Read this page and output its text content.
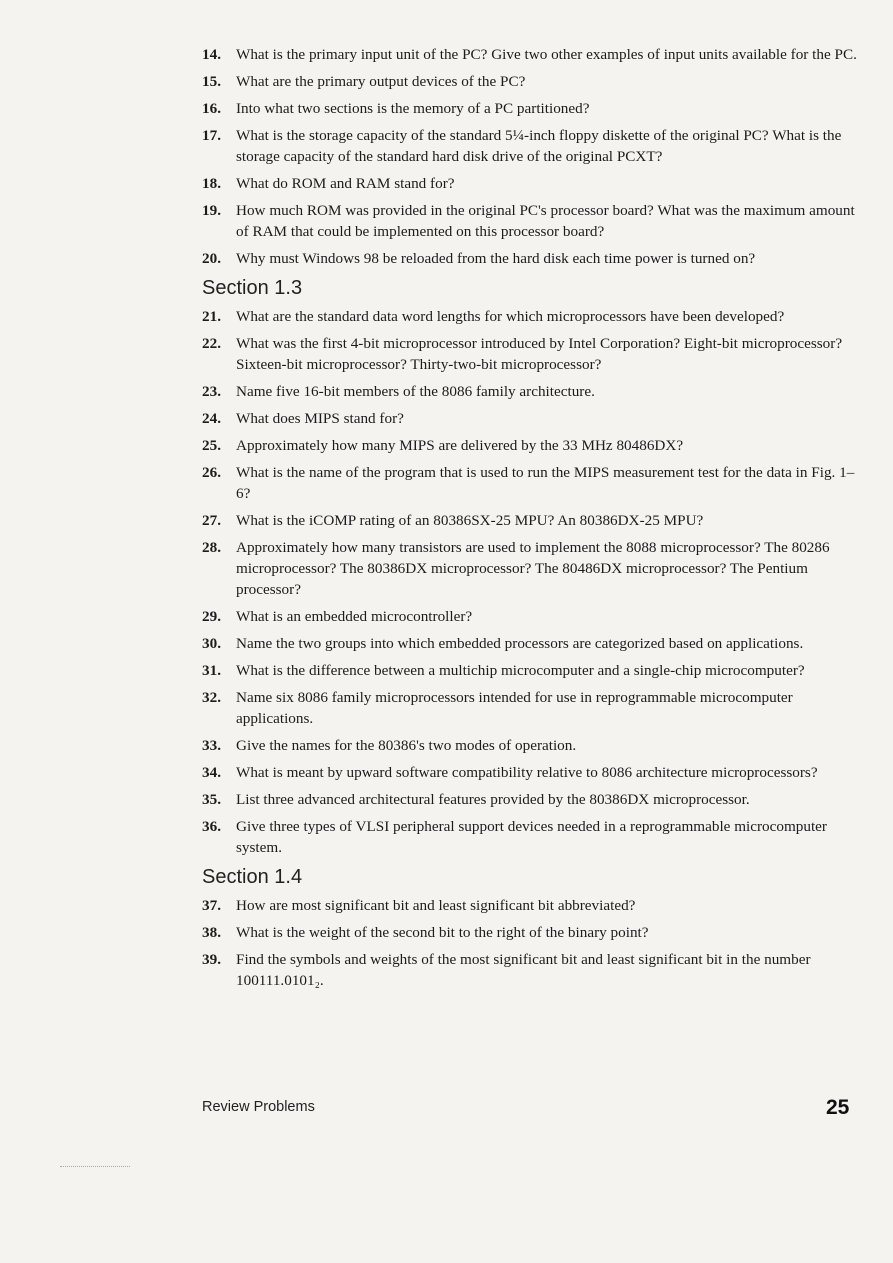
14. What is the primary input unit of the PC? Give two other examples of input units available for the PC.
15. What are the primary output devices of the PC?
16. Into what two sections is the memory of a PC partitioned?
17. What is the storage capacity of the standard 5¼-inch floppy diskette of the original PC? What is the storage capacity of the standard hard disk drive of the original PCXT?
18. What do ROM and RAM stand for?
19. How much ROM was provided in the original PC's processor board? What was the maximum amount of RAM that could be implemented on this processor board?
20. Why must Windows 98 be reloaded from the hard disk each time power is turned on?
Section 1.3
21. What are the standard data word lengths for which microprocessors have been developed?
22. What was the first 4-bit microprocessor introduced by Intel Corporation? Eight-bit microprocessor? Sixteen-bit microprocessor? Thirty-two-bit microprocessor?
23. Name five 16-bit members of the 8086 family architecture.
24. What does MIPS stand for?
25. Approximately how many MIPS are delivered by the 33 MHz 80486DX?
26. What is the name of the program that is used to run the MIPS measurement test for the data in Fig. 1–6?
27. What is the iCOMP rating of an 80386SX-25 MPU? An 80386DX-25 MPU?
28. Approximately how many transistors are used to implement the 8088 microprocessor? The 80286 microprocessor? The 80386DX microprocessor? The 80486DX microprocessor? The Pentium processor?
29. What is an embedded microcontroller?
30. Name the two groups into which embedded processors are categorized based on applications.
31. What is the difference between a multichip microcomputer and a single-chip microcomputer?
32. Name six 8086 family microprocessors intended for use in reprogrammable microcomputer applications.
33. Give the names for the 80386's two modes of operation.
34. What is meant by upward software compatibility relative to 8086 architecture microprocessors?
35. List three advanced architectural features provided by the 80386DX microprocessor.
36. Give three types of VLSI peripheral support devices needed in a reprogrammable microcomputer system.
Section 1.4
37. How are most significant bit and least significant bit abbreviated?
38. What is the weight of the second bit to the right of the binary point?
39. Find the symbols and weights of the most significant bit and least significant bit in the number 100111.0101₂.
Review Problems	25
